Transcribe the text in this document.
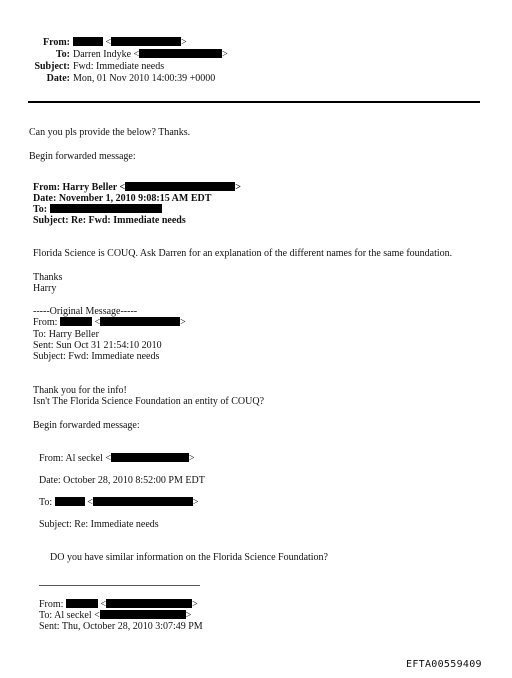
From:	<	>
To: Darren Indyke <	>
Subject: Fwd: Immediate needs
Date: Mon, 01 Nov 2010 14:00:39 +0000
Can you pls provide the below? Thanks.
Begin forwarded message:
From: Harry Beller <	>
Date: November 1, 2010 9:08:15 AM EDT
To:
Subject: Re: Fwd: Immediate needs
Florida Science is COUQ. Ask Darren for an explanation of the different names for the same foundation.
Thanks
Harry
-----Original Message-----
From:	<	>
To: Harry Beller
Sent: Sun Oct 31 21:54:10 2010
Subject: Fwd: Immediate needs
Thank you for the info!
Isn't The Florida Science Foundation an entity of COUQ?
Begin forwarded message:
From: Al seckel <	>
Date: October 28, 2010 8:52:00 PM EDT
To:	<	>
Subject: Re: Immediate needs
DO you have similar information on the Florida Science Foundation?
From:	<	>
To: Al seckel <	>
Sent: Thu, October 28, 2010 3:07:49 PM
EFTA00559409
